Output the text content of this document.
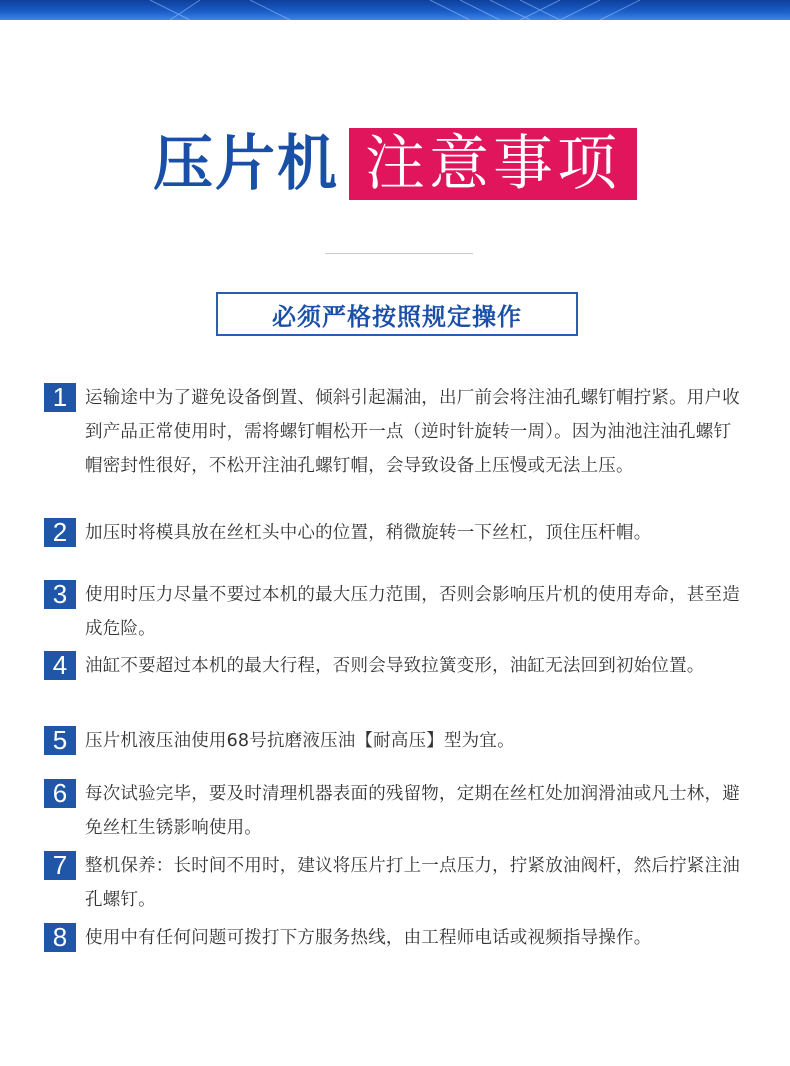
压片机 注意事项
必须严格按照规定操作
1	运输途中为了避免设备倒置、倾斜引起漏油，出厂前会将注油孔螺钉帽拧紧。用户收到产品正常使用时，需将螺钉帽松开一点（逆时针旋转一周）。因为油池注油孔螺钉帽密封性很好，不松开注油孔螺钉帽，会导致设备上压慢或无法上压。
2	加压时将模具放在丝杠头中心的位置，稍微旋转一下丝杠，顶住压杆帽。
3	使用时压力尽量不要过本机的最大压力范围，否则会影响压片机的使用寿命，甚至造成危险。
4	油缸不要超过本机的最大行程，否则会导致拉簧变形，油缸无法回到初始位置。
5	压片机液压油使用68号抗磨液压油【耐高压】型为宜。
6	每次试验完毕，要及时清理机器表面的残留物，定期在丝杠处加润滑油或凡士林，避免丝杠生锈影响使用。
7	整机保养：长时间不用时，建议将压片打上一点压力，拧紧放油阀杆，然后拧紧注油孔螺钉。
8	使用中有任何问题可拨打下方服务热线，由工程师电话或视频指导操作。
